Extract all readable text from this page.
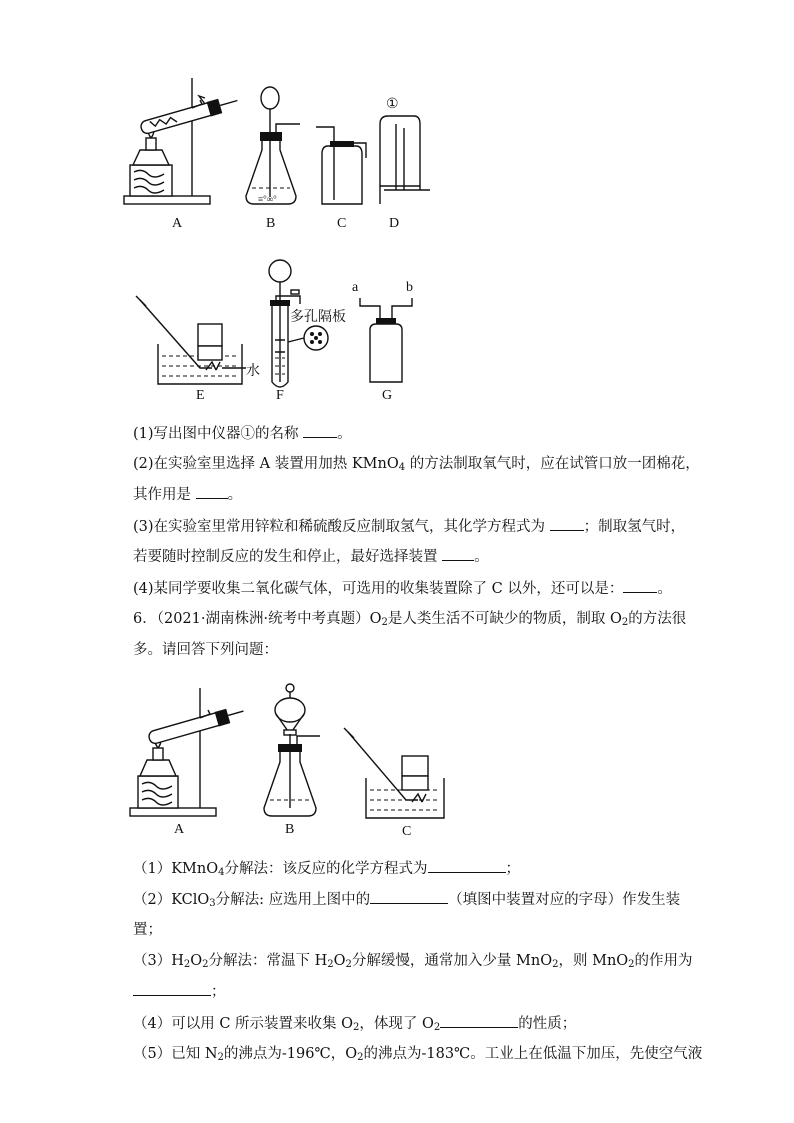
≡°∞°
①
A	B	C	D
水
多孔隔板
a	b
E	F	G
(1)写出图中仪器①的名称	。
(2)在实验室里选择 A 装置用加热 KMnO$_4$ 的方法制取氧气时，应在试管口放一团棉花，
其作用是	。
(3)在实验室里常用锌粒和稀硫酸反应制取氢气，其化学方程式为	；制取氢气时，
若要随时控制反应的发生和停止，最好选择装置	。
(4)某同学要收集二氧化碳气体，可选用的收集装置除了 C 以外，还可以是： 。
6．（2021·湖南株洲·统考中考真题）$O_2$是人类生活不可缺少的物质，制取 $O_2$的方法很
多。请回答下列问题：
A	B	C
（1）KMnO$_4$分解法：该反应的化学方程式为	；
（2）KClO$_3$分解法: 应选用上图中的	（填图中装置对应的字母）作发生装
置；
$(3)H_2O_2$分解法：常温下 $H_2O_2$分解缓慢，通常加入少量 MnO$_2$，则 MnO$_2$的作用为
；
（4）可以用 C 所示装置来收集 $O_2$，体现了 $O_2$	的性质；
（5）已知 $N_2$的沸点为-196℃，$O_2$的沸点为-183℃。工业上在低温下加压，先使空气液
